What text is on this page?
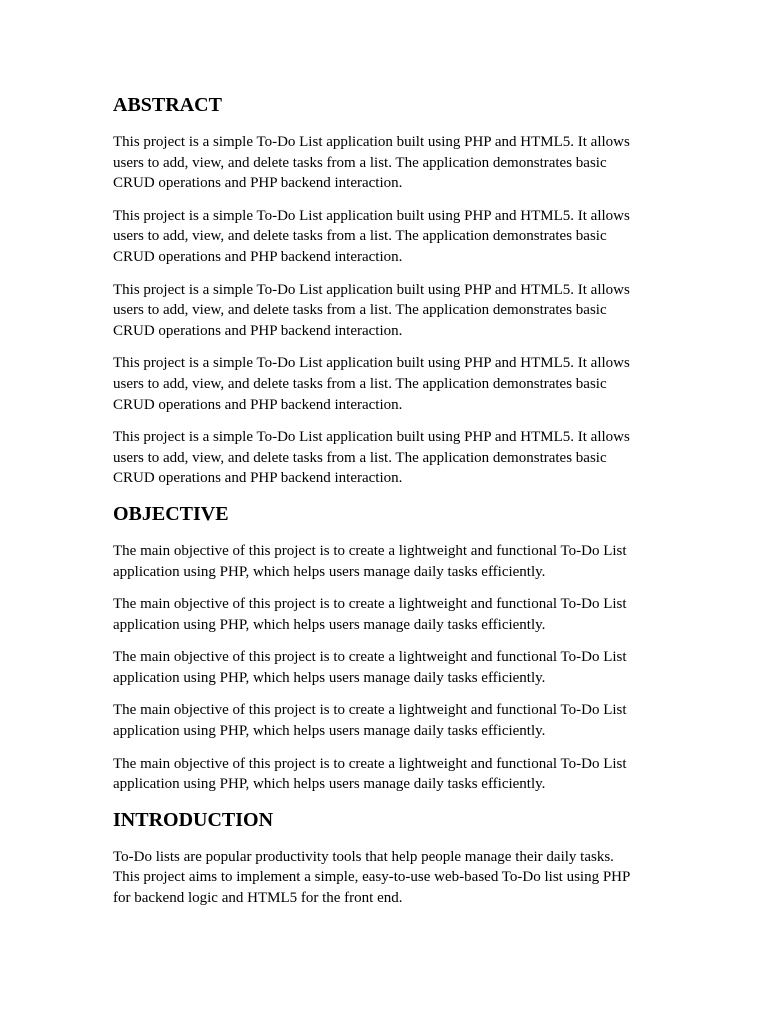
ABSTRACT

This project is a simple To-Do List application built using PHP and HTML5. It allows users to add, view, and delete tasks from a list. The application demonstrates basic CRUD operations and PHP backend interaction.

This project is a simple To-Do List application built using PHP and HTML5. It allows users to add, view, and delete tasks from a list. The application demonstrates basic CRUD operations and PHP backend interaction.

This project is a simple To-Do List application built using PHP and HTML5. It allows users to add, view, and delete tasks from a list. The application demonstrates basic CRUD operations and PHP backend interaction.

This project is a simple To-Do List application built using PHP and HTML5. It allows users to add, view, and delete tasks from a list. The application demonstrates basic CRUD operations and PHP backend interaction.

This project is a simple To-Do List application built using PHP and HTML5. It allows users to add, view, and delete tasks from a list. The application demonstrates basic CRUD operations and PHP backend interaction.

OBJECTIVE

The main objective of this project is to create a lightweight and functional To-Do List application using PHP, which helps users manage daily tasks efficiently.

The main objective of this project is to create a lightweight and functional To-Do List application using PHP, which helps users manage daily tasks efficiently.

The main objective of this project is to create a lightweight and functional To-Do List application using PHP, which helps users manage daily tasks efficiently.

The main objective of this project is to create a lightweight and functional To-Do List application using PHP, which helps users manage daily tasks efficiently.

The main objective of this project is to create a lightweight and functional To-Do List application using PHP, which helps users manage daily tasks efficiently.

INTRODUCTION

To-Do lists are popular productivity tools that help people manage their daily tasks. This project aims to implement a simple, easy-to-use web-based To-Do list using PHP for backend logic and HTML5 for the front end.
